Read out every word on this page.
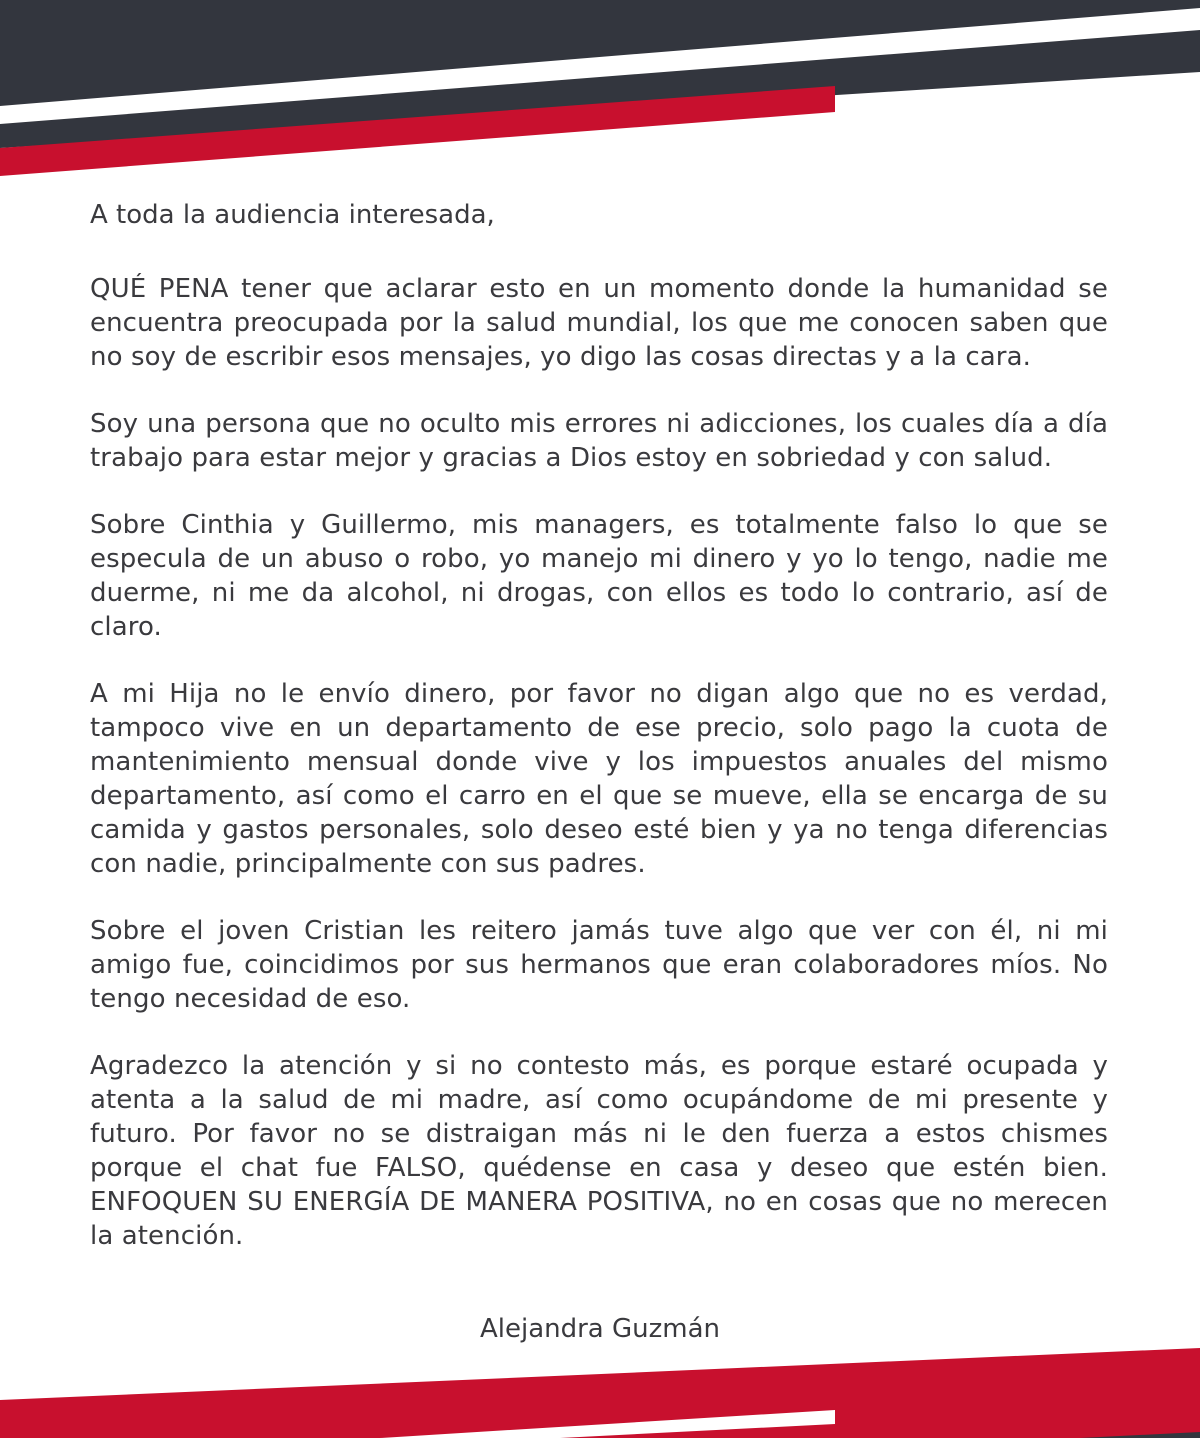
A toda la audiencia interesada,

QUÉ PENA tener que aclarar esto en un momento donde la humanidad se encuentra preocupada por la salud mundial, los que me conocen saben que no soy de escribir esos mensajes, yo digo las cosas directas y a la cara.

Soy una persona que no oculto mis errores ni adicciones, los cuales día a día trabajo para estar mejor y gracias a Dios estoy en sobriedad y con salud.

Sobre Cinthia y Guillermo, mis managers, es totalmente falso lo que se especula de un abuso o robo, yo manejo mi dinero y yo lo tengo, nadie me duerme, ni me da alcohol, ni drogas, con ellos es todo lo contrario, así de claro.

A mi Hija no le envío dinero, por favor no digan algo que no es verdad, tampoco vive en un departamento de ese precio, solo pago la cuota de mantenimiento mensual donde vive y los impuestos anuales del mismo departamento, así como el carro en el que se mueve, ella se encarga de su camida y gastos personales, solo deseo esté bien y ya no tenga diferencias con nadie, principalmente con sus padres.

Sobre el joven Cristian les reitero jamás tuve algo que ver con él, ni mi amigo fue, coincidimos por sus hermanos que eran colaboradores míos. No tengo necesidad de eso.

Agradezco la atención y si no contesto más, es porque estaré ocupada y atenta a la salud de mi madre, así como ocupándome de mi presente y futuro. Por favor no se distraigan más ni le den fuerza a estos chismes porque el chat fue FALSO, quédense en casa y deseo que estén bien. ENFOQUEN SU ENERGÍA DE MANERA POSITIVA, no en cosas que no merecen la atención.

Alejandra Guzmán
